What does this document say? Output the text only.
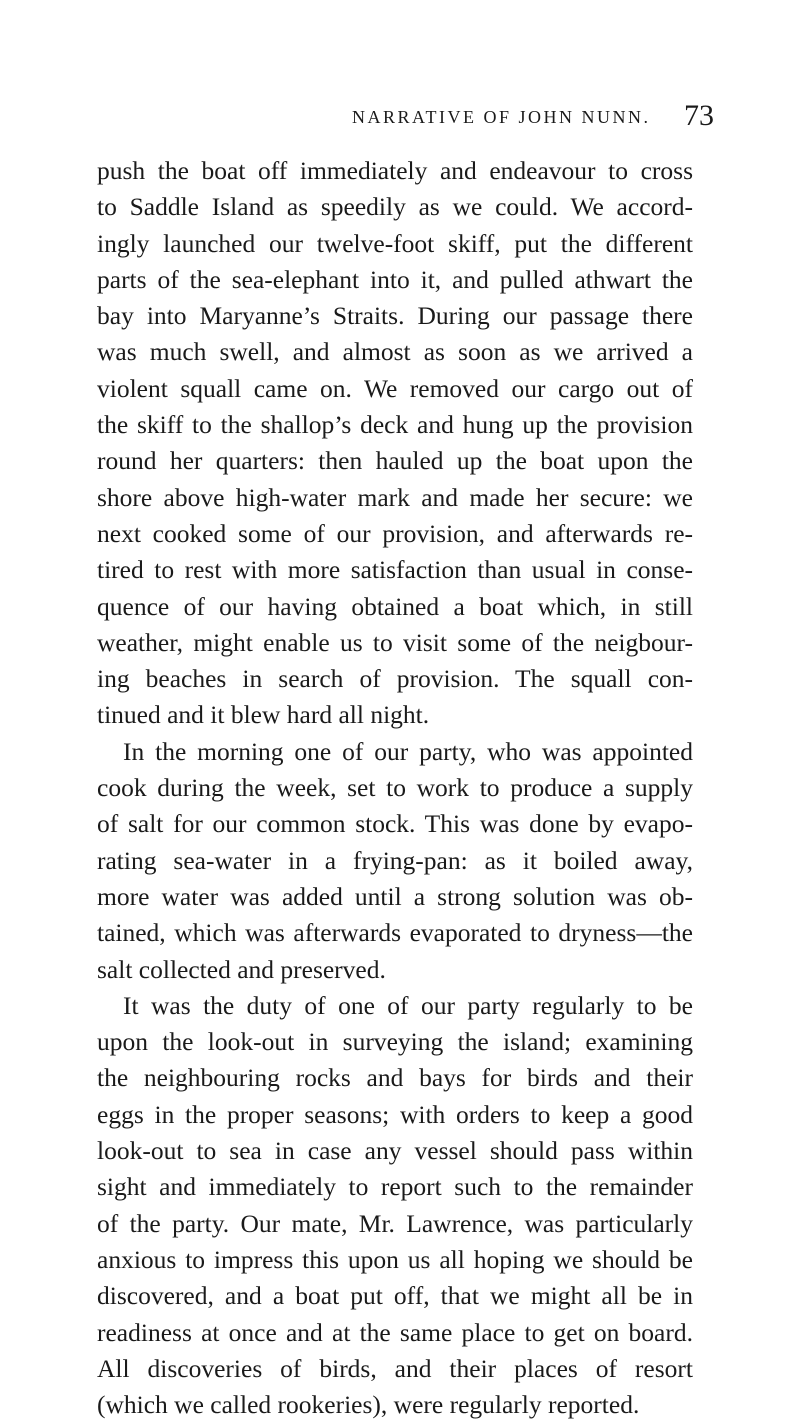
NARRATIVE OF JOHN NUNN. 73
push the boat off immediately and endeavour to cross
to Saddle Island as speedily as we could. We accord-
ingly launched our twelve-foot skiff, put the different
parts of the sea-elephant into it, and pulled athwart the
bay into Maryanne’s Straits. During our passage there
was much swell, and almost as soon as we arrived a
violent squall came on. We removed our cargo out of
the skiff to the shallop’s deck and hung up the provision
round her quarters: then hauled up the boat upon the
shore above high-water mark and made her secure: we
next cooked some of our provision, and afterwards re-
tired to rest with more satisfaction than usual in conse-
quence of our having obtained a boat which, in still
weather, might enable us to visit some of the neigbour-
ing beaches in search of provision. The squall con-
tinued and it blew hard all night.
In the morning one of our party, who was appointed
cook during the week, set to work to produce a supply
of salt for our common stock. This was done by evapo-
rating sea-water in a frying-pan: as it boiled away,
more water was added until a strong solution was ob-
tained, which was afterwards evaporated to dryness—the
salt collected and preserved.
It was the duty of one of our party regularly to be
upon the look-out in surveying the island; examining
the neighbouring rocks and bays for birds and their
eggs in the proper seasons; with orders to keep a good
look-out to sea in case any vessel should pass within
sight and immediately to report such to the remainder
of the party. Our mate, Mr. Lawrence, was particularly
anxious to impress this upon us all hoping we should be
discovered, and a boat put off, that we might all be in
readiness at once and at the same place to get on board.
All discoveries of birds, and their places of resort
(which we called rookeries), were regularly reported.
